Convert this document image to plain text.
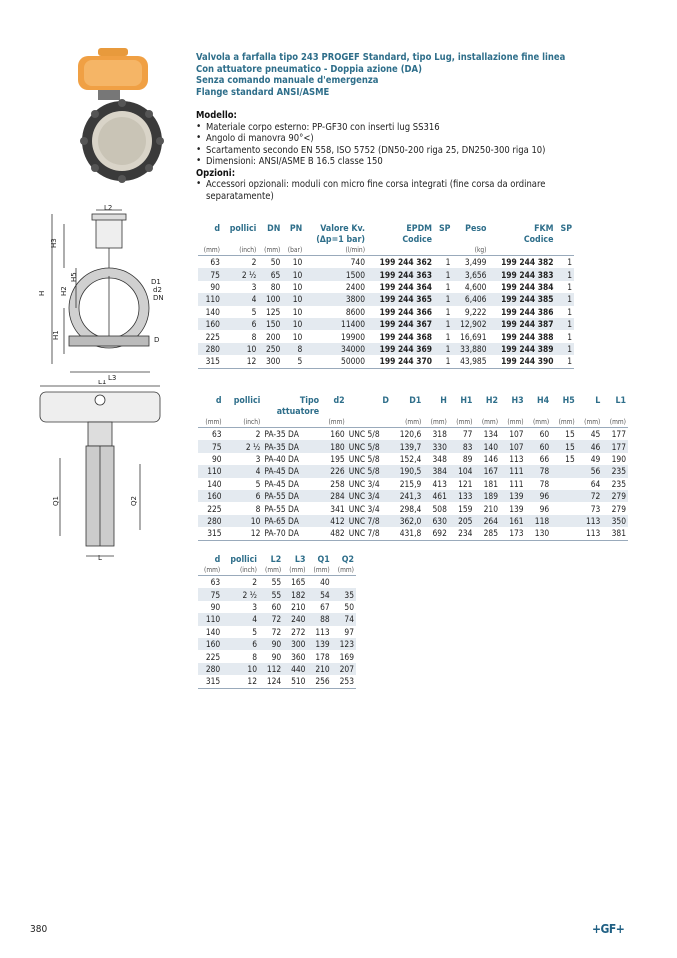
L2
H3
H
H5
H2
H1
L3
D1
d2
DN
D
L1
L
Q2
Q1
Valvola a farfalla tipo 243 PROGEF Standard, tipo Lug, installazione fine linea
Con attuatore pneumatico - Doppia azione (DA)
Senza comando manuale d'emergenza
Flange standard ANSI/ASME
Modello:
• Materiale corpo esterno: PP-GF30 con inserti lug SS316
• Angolo di manovra 90°<)
• Scartamento secondo EN 558, ISO 5752 (DN50-200 riga 25, DN250-300 riga 10)
• Dimensioni: ANSI/ASME B 16.5 classe 150
Opzioni:
• Accessori opzionali: moduli con micro fine corsa integrati (fine corsa da ordinare
separatamente)
d	pollici	DN	PN	Valore Kv.	EPDM	SP	Peso	FKM	SP
				(Δp=1 bar)	Codice			Codice	
(mm)	(inch)	(mm)	(bar)	(l/min)			(kg)		
63	2	50	10	740	199 244 362	1	3,499	199 244 382	1
75	2 ½	65	10	1500	199 244 363	1	3,656	199 244 383	1
90	3	80	10	2400	199 244 364	1	4,600	199 244 384	1
110	4	100	10	3800	199 244 365	1	6,406	199 244 385	1
140	5	125	10	8600	199 244 366	1	9,222	199 244 386	1
160	6	150	10	11400	199 244 367	1	12,902	199 244 387	1
225	8	200	10	19900	199 244 368	1	16,691	199 244 388	1
280	10	250	8	34000	199 244 369	1	33,880	199 244 389	1
315	12	300	5	50000	199 244 370	1	43,985	199 244 390	1
d	pollici	Tipo	d2	D	D1	H	H1	H2	H3	H4	H5	L	L1
		attuatore											
(mm)	(inch)		(mm)		(mm)	(mm)	(mm)	(mm)	(mm)	(mm)	(mm)	(mm)	(mm)
63	2	PA-35 DA	160	UNC 5/8	120,6	318	77	134	107	60	15	45	177
75	2 ½	PA-35 DA	180	UNC 5/8	139,7	330	83	140	107	60	15	46	177
90	3	PA-40 DA	195	UNC 5/8	152,4	348	89	146	113	66	15	49	190
110	4	PA-45 DA	226	UNC 5/8	190,5	384	104	167	111	78		56	235
140	5	PA-45 DA	258	UNC 3/4	215,9	413	121	181	111	78		64	235
160	6	PA-55 DA	284	UNC 3/4	241,3	461	133	189	139	96		72	279
225	8	PA-55 DA	341	UNC 3/4	298,4	508	159	210	139	96		73	279
280	10	PA-65 DA	412	UNC 7/8	362,0	630	205	264	161	118		113	350
315	12	PA-70 DA	482	UNC 7/8	431,8	692	234	285	173	130		113	381
d	pollici	L2	L3	Q1	Q2
(mm)	(inch)	(mm)	(mm)	(mm)	(mm)
63	2	55	165	40	
75	2 ½	55	182	54	35
90	3	60	210	67	50
110	4	72	240	88	74
140	5	72	272	113	97
160	6	90	300	139	123
225	8	90	360	178	169
280	10	112	440	210	207
315	12	124	510	256	253
380	+GF+
